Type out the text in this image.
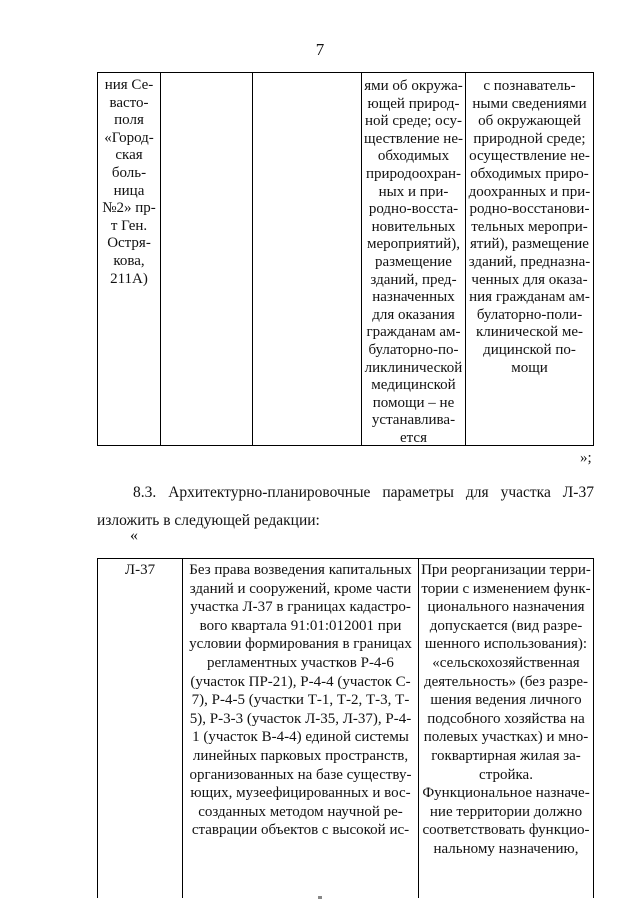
7
ния Се-
васто-
поля
«Город-
ская
боль-
ница
№2» пр-
т Ген.
Остря-
кова,
211А)
ями об окружа-
ющей природ-
ной среде; осу-
ществление не-
обходимых
природоохран-
ных и при-
родно-восста-
новительных
мероприятий),
размещение
зданий, пред-
назначенных
для оказания
гражданам ам-
булаторно-по-
ликлинической
медицинской
помощи – не
устанавлива-
ется
с познаватель-
ными сведениями
об окружающей
природной среде;
осуществление не-
обходимых приро-
доохранных и при-
родно-восстанови-
тельных меропри-
ятий), размещение
зданий, предназна-
ченных для оказа-
ния гражданам ам-
булаторно-поли-
клинической ме-
дицинской по-
мощи
»;
8.3. Архитектурно-планировочные параметры для участка Л-37
изложить в следующей редакции:
«
Л-37	Без права возведения капитальных
зданий и сооружений, кроме части
участка Л-37 в границах кадастро-
вого квартала 91:01:012001 при
условии формирования в границах
регламентных участков Р-4-6
(участок ПР-21), Р-4-4 (участок С-
7), Р-4-5 (участки Т-1, Т-2, Т-3, Т-
5), Р-3-3 (участок Л-35, Л-37), Р-4-
1 (участок В-4-4) единой системы
линейных парковых пространств,
организованных на базе существу-
ющих, музеефицированных и вос-
созданных методом научной ре-
ставрации объектов с высокой ис-
При реорганизации терри-
тории с изменением функ-
ционального назначения
допускается (вид разре-
шенного использования):
«сельскохозяйственная
деятельность» (без разре-
шения ведения личного
подсобного хозяйства на
полевых участках) и мно-
гоквартирная жилая за-
стройка.
Функциональное назначе-
ние территории должно
соответствовать функцио-
нальному назначению,
